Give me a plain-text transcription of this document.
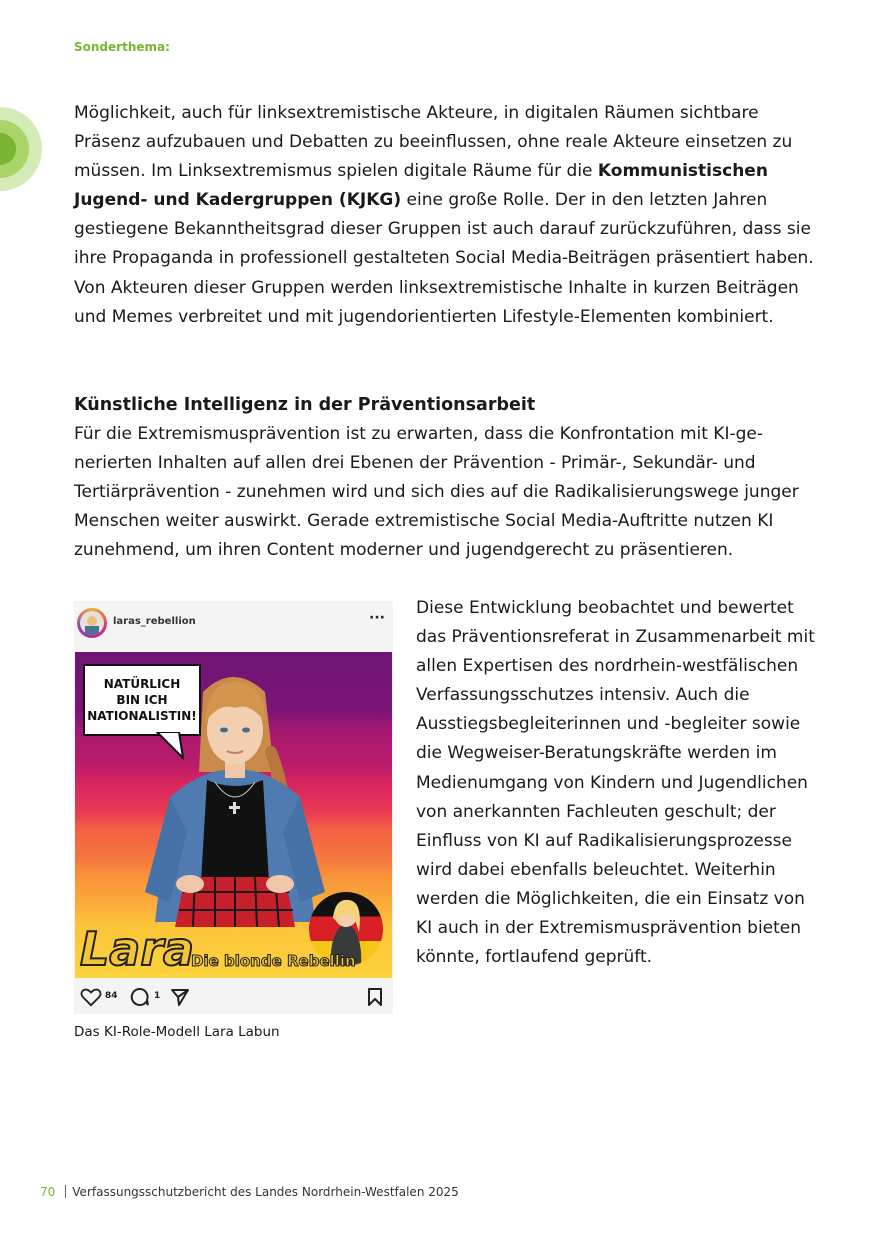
Sonderthema:

Möglichkeit, auch für linksextremistische Akteure, in digitalen Räumen sichtbare Präsenz aufzubauen und Debatten zu beeinflussen, ohne reale Akteure einsetzen zu müssen. Im Linksextremismus spielen digitale Räume für die Kommunistischen Jugend- und Kadergruppen (KJKG) eine große Rolle. Der in den letzten Jahren gestiegene Bekanntheitsgrad dieser Gruppen ist auch darauf zurückzuführen, dass sie ihre Propaganda in professionell gestalteten Social Media-Beiträgen präsentiert haben. Von Akteuren dieser Gruppen werden linksextremistische Inhalte in kurzen Beiträgen und Memes verbreitet und mit jugendorientierten Lifestyle-Elementen kombiniert.

Künstliche Intelligenz in der Präventionsarbeit

Für die Extremismusprävention ist zu erwarten, dass die Konfrontation mit KI-generierten Inhalten auf allen drei Ebenen der Prävention - Primär-, Sekundär- und Tertiärprävention - zunehmen wird und sich dies auf die Radikalisierungswege junger Menschen weiter auswirkt. Gerade extremistische Social Media-Auftritte nutzen KI zunehmend, um ihren Content moderner und jugendgerecht zu präsentieren.

laras_rebellion	···
NATÜRLICH
BIN ICH
NATIONALISTIN!
Lara
Die blonde Rebellin
84	1

Das KI-Role-Modell Lara Labun

Diese Entwicklung beobachtet und bewertet das Präventionsreferat in Zusammenarbeit mit allen Expertisen des nordrhein-westfälischen Verfassungsschutzes intensiv. Auch die Ausstiegsbegleiterinnen und -begleiter sowie die Wegweiser-Beratungskräfte werden im Medienumgang von Kindern und Jugendlichen von anerkannten Fachleuten geschult; der Einfluss von KI auf Radikalisierungsprozesse wird dabei ebenfalls beleuchtet. Weiterhin werden die Möglichkeiten, die ein Einsatz von KI auch in der Extremismusprävention bieten könnte, fortlaufend geprüft.

70 Verfassungsschutzbericht des Landes Nordrhein-Westfalen 2025
